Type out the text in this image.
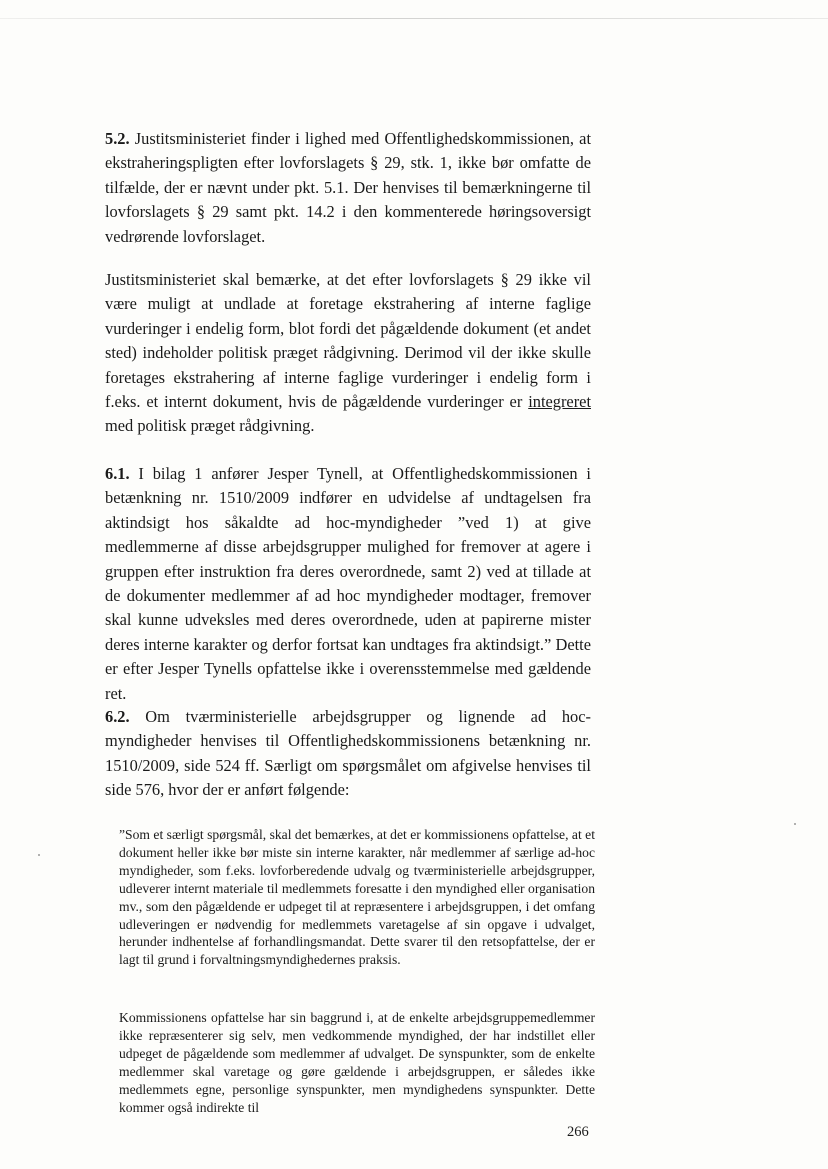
5.2. Justitsministeriet finder i lighed med Offentlighedskommissionen, at ekstraheringspligten efter lovforslagets § 29, stk. 1, ikke bør omfatte de tilfælde, der er nævnt under pkt. 5.1. Der henvises til bemærkningerne til lovforslagets § 29 samt pkt. 14.2 i den kommenterede høringsoversigt vedrørende lovforslaget.

Justitsministeriet skal bemærke, at det efter lovforslagets § 29 ikke vil være muligt at undlade at foretage ekstrahering af interne faglige vurderinger i endelig form, blot fordi det pågældende dokument (et andet sted) indeholder politisk præget rådgivning. Derimod vil der ikke skulle foretages ekstrahering af interne faglige vurderinger i endelig form i f.eks. et internt dokument, hvis de pågældende vurderinger er integreret med politisk præget rådgivning.

6.1. I bilag 1 anfører Jesper Tynell, at Offentlighedskommissionen i betænkning nr. 1510/2009 indfører en udvidelse af undtagelsen fra aktindsigt hos såkaldte ad hoc-myndigheder ”ved 1) at give medlemmerne af disse arbejdsgrupper mulighed for fremover at agere i gruppen efter instruktion fra deres overordnede, samt 2) ved at tillade at de dokumenter medlemmer af ad hoc myndigheder modtager, fremover skal kunne udveksles med deres overordnede, uden at papirerne mister deres interne karakter og derfor fortsat kan undtages fra aktindsigt.” Dette er efter Jesper Tynells opfattelse ikke i overensstemmelse med gældende ret.

6.2. Om tværministerielle arbejdsgrupper og lignende ad hoc-myndigheder henvises til Offentlighedskommissionens betænkning nr. 1510/2009, side 524 ff. Særligt om spørgsmålet om afgivelse henvises til side 576, hvor der er anført følgende:

”Som et særligt spørgsmål, skal det bemærkes, at det er kommissionens opfattelse, at et dokument heller ikke bør miste sin interne karakter, når medlemmer af særlige ad-hoc myndigheder, som f.eks. lovforberedende udvalg og tværministerielle arbejdsgrupper, udleverer internt materiale til medlemmets foresatte i den myndighed eller organisation mv., som den pågældende er udpeget til at repræsentere i arbejdsgruppen, i det omfang udleveringen er nødvendig for medlemmets varetagelse af sin opgave i udvalget, herunder indhentelse af forhandlingsmandat. Dette svarer til den retsopfattelse, der er lagt til grund i forvaltningsmyndighedernes praksis.

Kommissionens opfattelse har sin baggrund i, at de enkelte arbejdsgruppemedlemmer ikke repræsenterer sig selv, men vedkommende myndighed, der har indstillet eller udpeget de pågældende som medlemmer af udvalget. De synspunkter, som de enkelte medlemmer skal varetage og gøre gældende i arbejdsgruppen, er således ikke medlemmets egne, personlige synspunkter, men myndighedens synspunkter. Dette kommer også indirekte til

266
